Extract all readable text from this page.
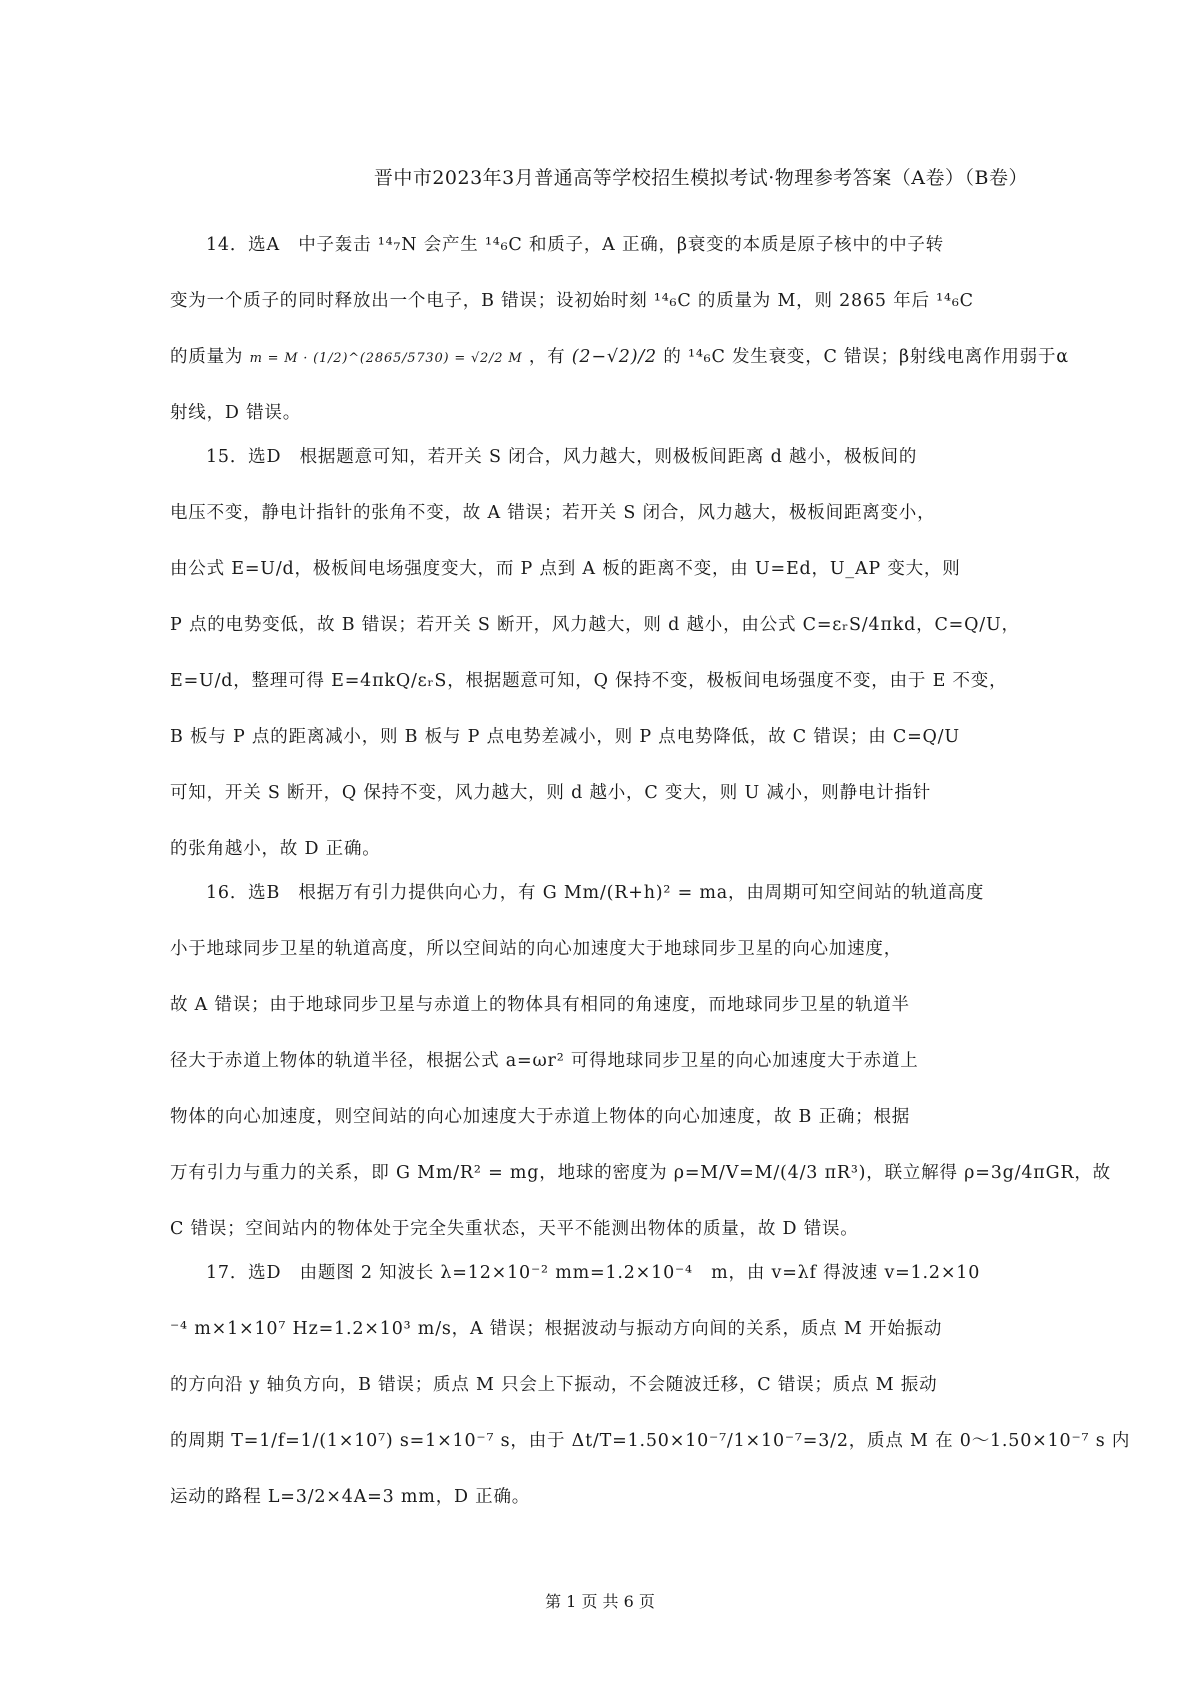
晋中市2023年3月普通高等学校招生模拟考试·物理参考答案（A卷）（B卷）
14．选A　中子轰击 ¹⁴₇N 会产生 ¹⁴₆C 和质子，A 正确，β衰变的本质是原子核中的中子转
变为一个质子的同时释放出一个电子，B 错误；设初始时刻 ¹⁴₆C 的质量为 M，则 2865 年后 ¹⁴₆C
的质量为 m = M · (1/2)^(2865/5730) = √2/2 M ，有 (2−√2)/2 的 ¹⁴₆C 发生衰变，C 错误；β射线电离作用弱于α
射线，D 错误。
15．选D　根据题意可知，若开关 S 闭合，风力越大，则极板间距离 d 越小，极板间的
电压不变，静电计指针的张角不变，故 A 错误；若开关 S 闭合，风力越大，极板间距离变小，
由公式 E=U/d，极板间电场强度变大，而 P 点到 A 板的距离不变，由 U=Ed，U_AP 变大，则
P 点的电势变低，故 B 错误；若开关 S 断开，风力越大，则 d 越小，由公式 C=εᵣS/4πkd，C=Q/U，
E=U/d，整理可得 E=4πkQ/εᵣS，根据题意可知，Q 保持不变，极板间电场强度不变，由于 E 不变，
B 板与 P 点的距离减小，则 B 板与 P 点电势差减小，则 P 点电势降低，故 C 错误；由 C=Q/U
可知，开关 S 断开，Q 保持不变，风力越大，则 d 越小，C 变大，则 U 减小，则静电计指针
的张角越小，故 D 正确。
16．选B　根据万有引力提供向心力，有 G Mm/(R+h)² = ma，由周期可知空间站的轨道高度
小于地球同步卫星的轨道高度，所以空间站的向心加速度大于地球同步卫星的向心加速度，
故 A 错误；由于地球同步卫星与赤道上的物体具有相同的角速度，而地球同步卫星的轨道半
径大于赤道上物体的轨道半径，根据公式 a=ωr² 可得地球同步卫星的向心加速度大于赤道上
物体的向心加速度，则空间站的向心加速度大于赤道上物体的向心加速度，故 B 正确；根据
万有引力与重力的关系，即 G Mm/R² = mg，地球的密度为 ρ=M/V=M/(4/3 πR³)，联立解得 ρ=3g/4πGR，故
C 错误；空间站内的物体处于完全失重状态，天平不能测出物体的质量，故 D 错误。
17．选D　由题图 2 知波长 λ=12×10⁻² mm=1.2×10⁻⁴　m，由 v=λf 得波速 v=1.2×10
⁻⁴ m×1×10⁷ Hz=1.2×10³ m/s，A 错误；根据波动与振动方向间的关系，质点 M 开始振动
的方向沿 y 轴负方向，B 错误；质点 M 只会上下振动，不会随波迁移，C 错误；质点 M 振动
的周期 T=1/f=1/(1×10⁷) s=1×10⁻⁷ s，由于 Δt/T=1.50×10⁻⁷/1×10⁻⁷=3/2，质点 M 在 0～1.50×10⁻⁷ s 内
运动的路程 L=3/2×4A=3 mm，D 正确。
第 1 页 共 6 页
